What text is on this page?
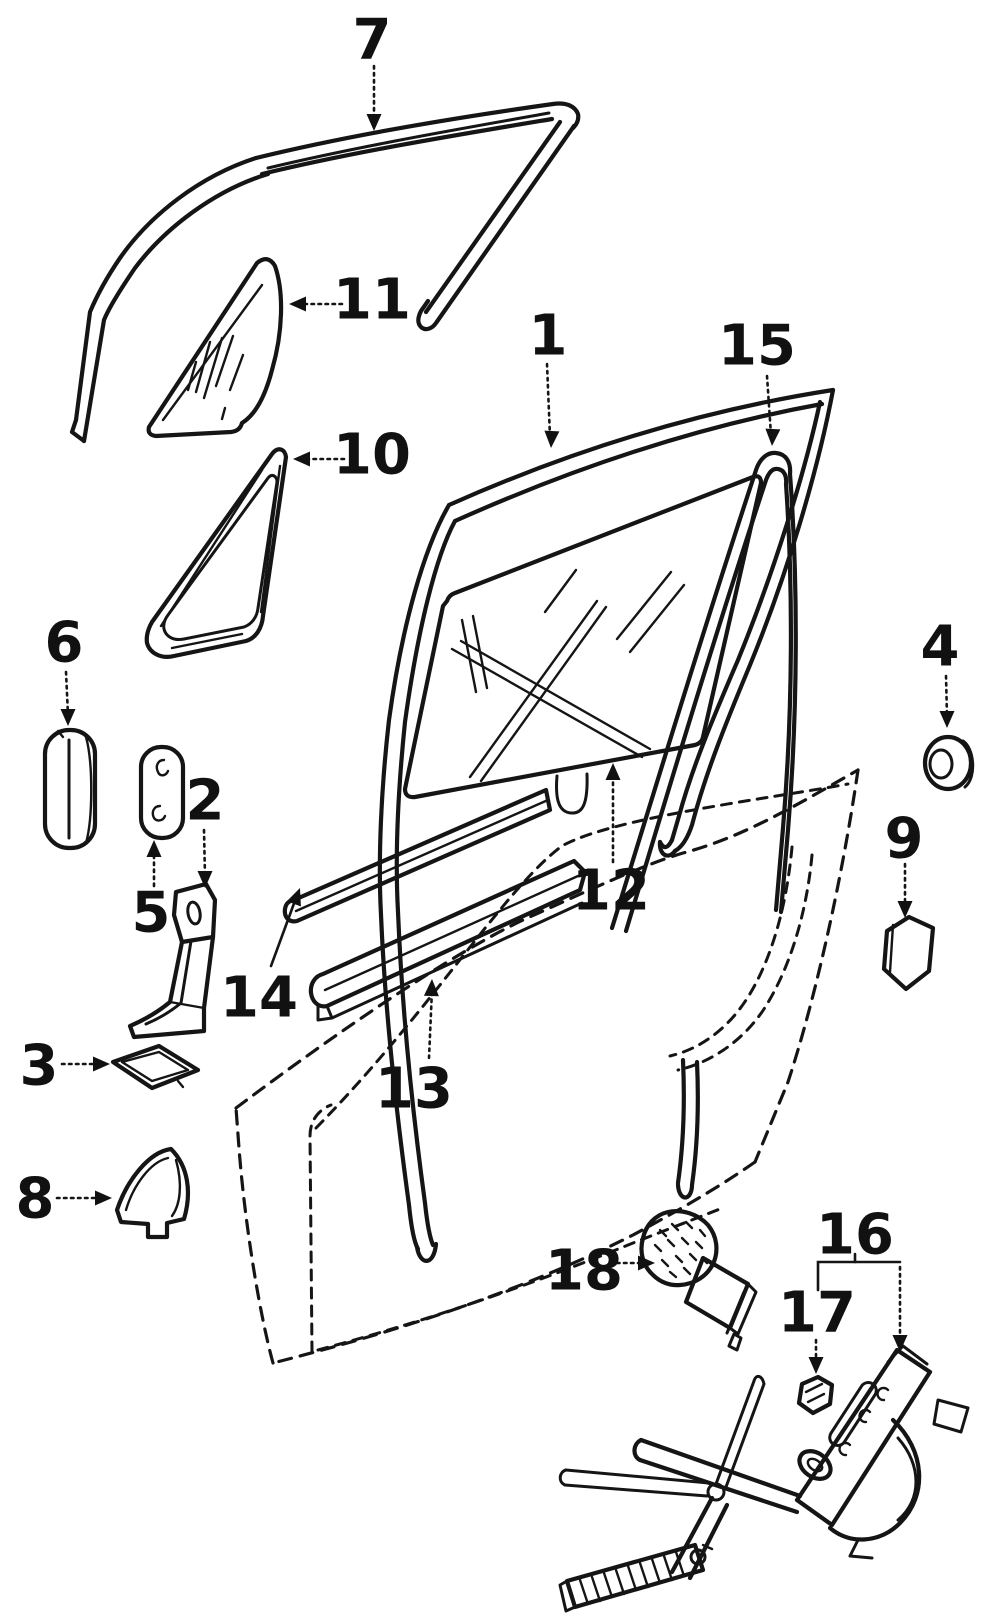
7
11
10
1	15
6
5
2
3
8
4
9
12
13
14
16
17
18
